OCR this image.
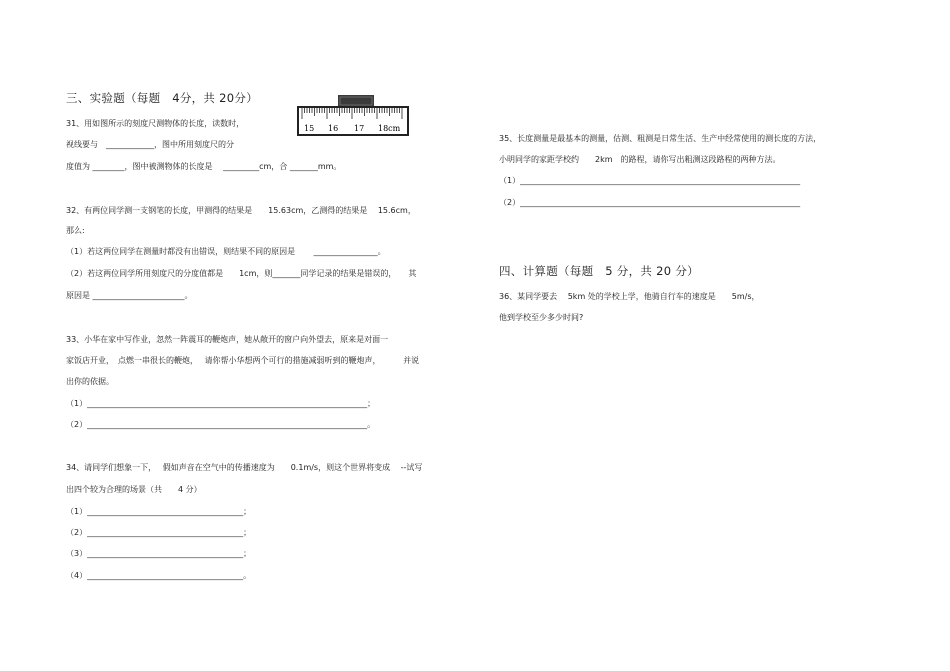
三、实验题（每题　4分，共 20分）
15 16 17 18cm
31、用如图所示的刻度尺测物体的长度，读数时，
视线要与　____________，图中所用刻度尺的分
度值为 ________，图中被测物体的长度是　 _________cm，合 _______mm。
32、有两位同学测一支钢笔的长度，甲测得的结果是　　15.63cm，乙测得的结果是　 15.6cm，
那么:
（1）若这两位同学在测量时都没有出错误，则结果不同的原因是　　 ________________。
（2）若这两位同学所用刻度尺的分度值都是　　1cm，则_______同学记录的结果是错误的，　　其
原因是 _______________________。
33、小华在家中写作业，忽然一阵震耳的鞭炮声，她从敞开的窗户向外望去，原来是对面一
家饭店开业，　点燃一串很长的鞭炮，　 请你帮小华想两个可行的措施减弱听到的鞭炮声，　　　 并说
出你的依据。
（1）______________________________________________________________________；
（2）______________________________________________________________________。
34、请同学们想象一下，　 假如声音在空气中的传播速度为　　0.1m/s，则这个世界将变成　 --试写
出四个较为合理的场景（共　　4 分）
（1）_______________________________________；
（2）_______________________________________；
（3）_______________________________________；
（4）_______________________________________。
35、长度测量是最基本的测量，估测、粗测是日常生活、生产中经常使用的测长度的方法，
小明同学的家距学校约　　2km　的路程，请你写出粗测这段路程的两种方法。
（1）______________________________________________________________________
（2）______________________________________________________________________
四、计算题（每题　5 分，共 20 分）
36、某同学要去　 5km 处的学校上学，他骑自行车的速度是　　5m/s，
他到学校至少多少时间?
